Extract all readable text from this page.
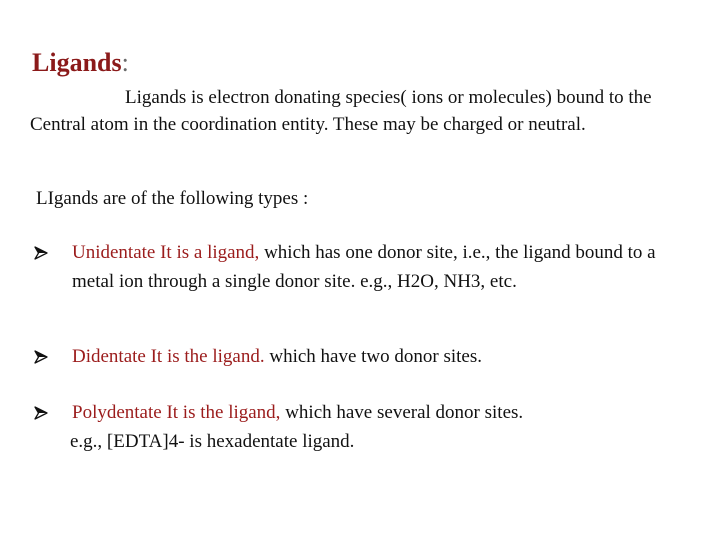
Ligands:
Ligands is electron donating species( ions or molecules) bound to the Central atom in the coordination entity. These may be charged or neutral.
LIgands are of the following types :
Unidentate It is a ligand, which has one donor site, i.e., the ligand bound to a metal ion through a single donor site. e.g., H2O, NH3, etc.
Didentate It is the ligand. which have two donor sites.
Polydentate It is the ligand, which have several donor sites.
e.g., [EDTA]4- is hexadentate ligand.
